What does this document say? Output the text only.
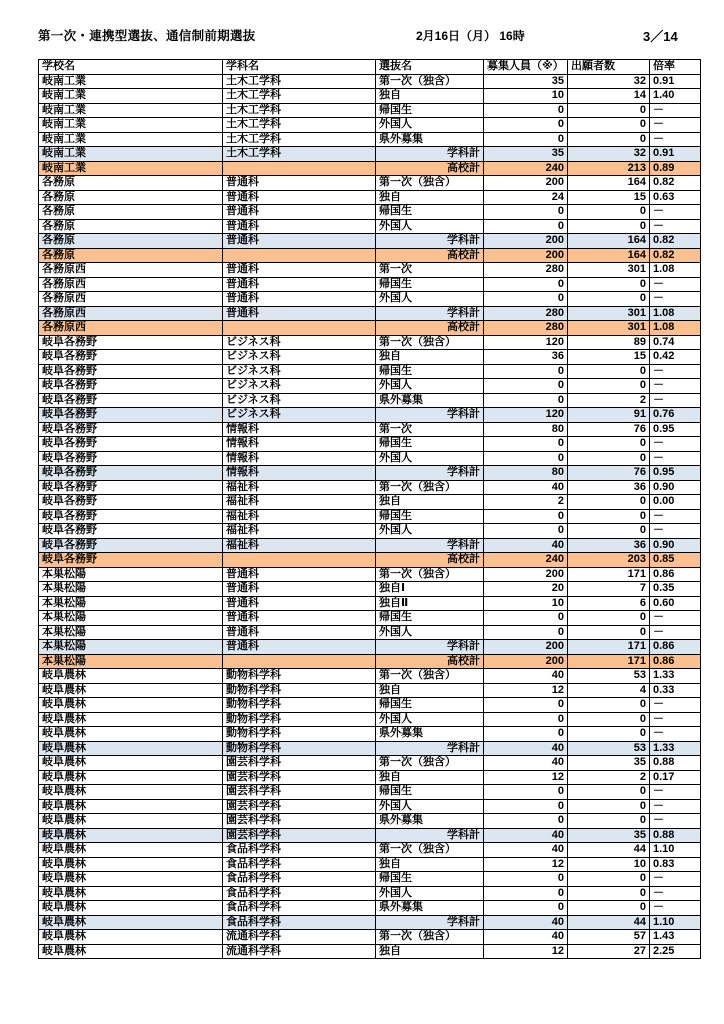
第一次・連携型選抜、通信制前期選抜	2月16日（月） 16時	3／14
学校名	学科名	選抜名	募集人員（※）	出願者数	倍率
岐南工業	土木工学科	第一次（独含）	35	32	0.91
岐南工業	土木工学科	独自	10	14	1.40
岐南工業	土木工学科	帰国生	0	0	－
岐南工業	土木工学科	外国人	0	0	－
岐南工業	土木工学科	県外募集	0	0	－
岐南工業	土木工学科	学科計	35	32	0.91
岐南工業		高校計	240	213	0.89
各務原	普通科	第一次（独含）	200	164	0.82
各務原	普通科	独自	24	15	0.63
各務原	普通科	帰国生	0	0	－
各務原	普通科	外国人	0	0	－
各務原	普通科	学科計	200	164	0.82
各務原		高校計	200	164	0.82
各務原西	普通科	第一次	280	301	1.08
各務原西	普通科	帰国生	0	0	－
各務原西	普通科	外国人	0	0	－
各務原西	普通科	学科計	280	301	1.08
各務原西		高校計	280	301	1.08
岐阜各務野	ビジネス科	第一次（独含）	120	89	0.74
岐阜各務野	ビジネス科	独自	36	15	0.42
岐阜各務野	ビジネス科	帰国生	0	0	－
岐阜各務野	ビジネス科	外国人	0	0	－
岐阜各務野	ビジネス科	県外募集	0	2	－
岐阜各務野	ビジネス科	学科計	120	91	0.76
岐阜各務野	情報科	第一次	80	76	0.95
岐阜各務野	情報科	帰国生	0	0	－
岐阜各務野	情報科	外国人	0	0	－
岐阜各務野	情報科	学科計	80	76	0.95
岐阜各務野	福祉科	第一次（独含）	40	36	0.90
岐阜各務野	福祉科	独自	2	0	0.00
岐阜各務野	福祉科	帰国生	0	0	－
岐阜各務野	福祉科	外国人	0	0	－
岐阜各務野	福祉科	学科計	40	36	0.90
岐阜各務野		高校計	240	203	0.85
本巣松陽	普通科	第一次（独含）	200	171	0.86
本巣松陽	普通科	独自Ⅰ	20	7	0.35
本巣松陽	普通科	独自Ⅱ	10	6	0.60
本巣松陽	普通科	帰国生	0	0	－
本巣松陽	普通科	外国人	0	0	－
本巣松陽	普通科	学科計	200	171	0.86
本巣松陽		高校計	200	171	0.86
岐阜農林	動物科学科	第一次（独含）	40	53	1.33
岐阜農林	動物科学科	独自	12	4	0.33
岐阜農林	動物科学科	帰国生	0	0	－
岐阜農林	動物科学科	外国人	0	0	－
岐阜農林	動物科学科	県外募集	0	0	－
岐阜農林	動物科学科	学科計	40	53	1.33
岐阜農林	園芸科学科	第一次（独含）	40	35	0.88
岐阜農林	園芸科学科	独自	12	2	0.17
岐阜農林	園芸科学科	帰国生	0	0	－
岐阜農林	園芸科学科	外国人	0	0	－
岐阜農林	園芸科学科	県外募集	0	0	－
岐阜農林	園芸科学科	学科計	40	35	0.88
岐阜農林	食品科学科	第一次（独含）	40	44	1.10
岐阜農林	食品科学科	独自	12	10	0.83
岐阜農林	食品科学科	帰国生	0	0	－
岐阜農林	食品科学科	外国人	0	0	－
岐阜農林	食品科学科	県外募集	0	0	－
岐阜農林	食品科学科	学科計	40	44	1.10
岐阜農林	流通科学科	第一次（独含）	40	57	1.43
岐阜農林	流通科学科	独自	12	27	2.25
